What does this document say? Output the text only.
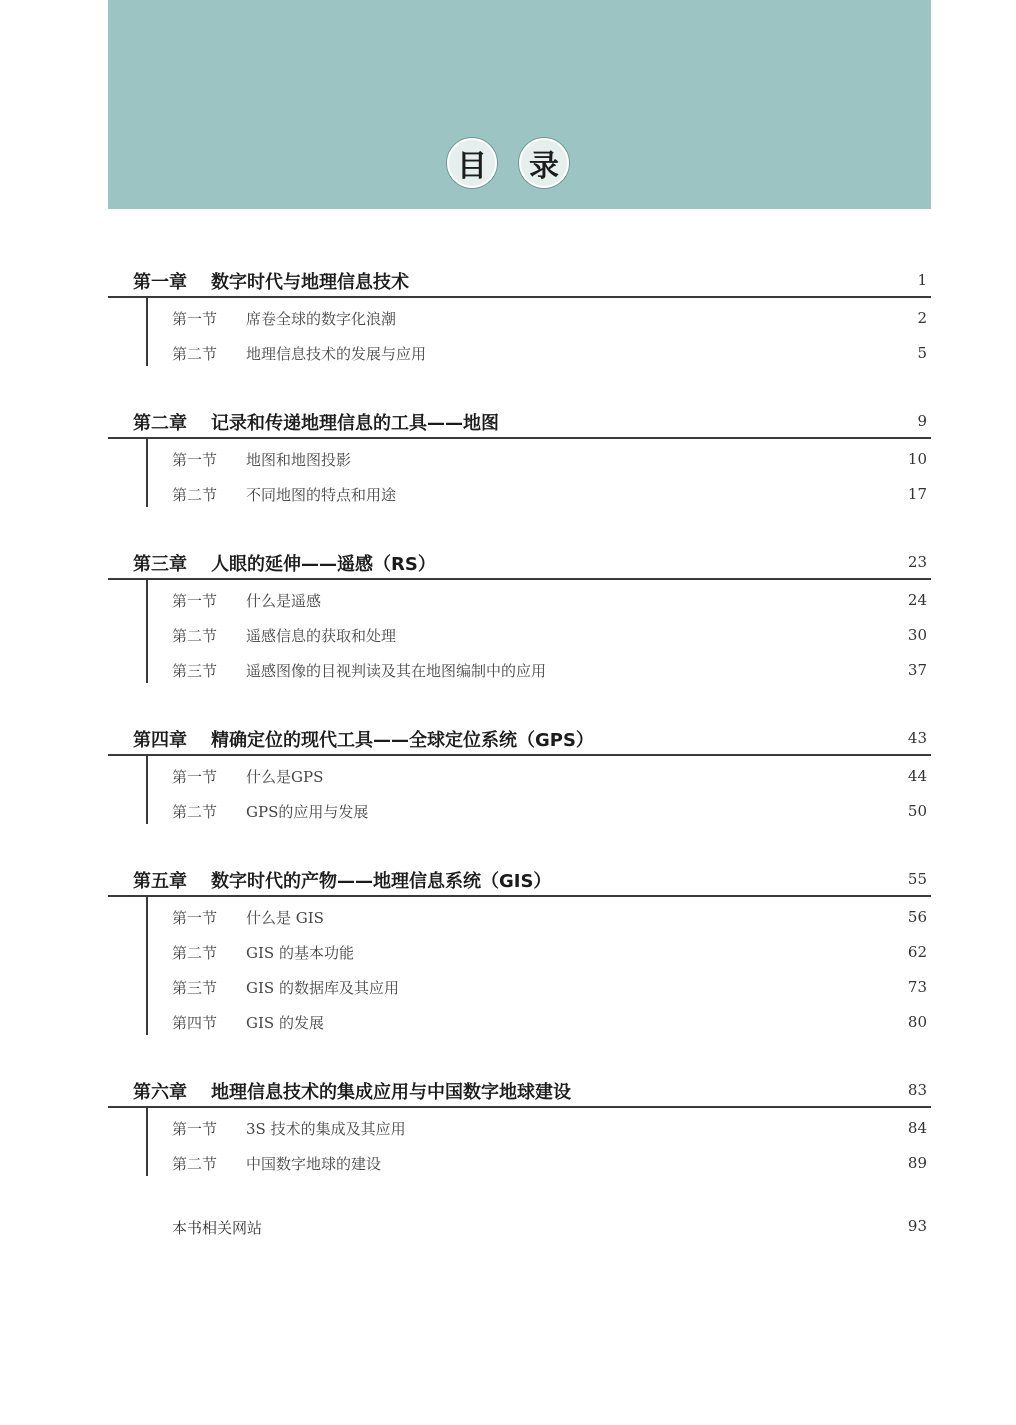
目	录
第一章 数字时代与地理信息技术	1
第一节 席卷全球的数字化浪潮	2
第二节 地理信息技术的发展与应用	5
第二章 记录和传递地理信息的工具——地图	9
第一节 地图和地图投影	10
第二节 不同地图的特点和用途	17
第三章 人眼的延伸——遥感（RS）	23
第一节 什么是遥感	24
第二节 遥感信息的获取和处理	30
第三节 遥感图像的目视判读及其在地图编制中的应用	37
第四章 精确定位的现代工具——全球定位系统（GPS）	43
第一节 什么是GPS	44
第二节 GPS的应用与发展	50
第五章 数字时代的产物——地理信息系统（GIS）	55
第一节 什么是 GIS	56
第二节 GIS 的基本功能	62
第三节 GIS 的数据库及其应用	73
第四节 GIS 的发展	80
第六章 地理信息技术的集成应用与中国数字地球建设	83
第一节 3S 技术的集成及其应用	84
第二节 中国数字地球的建设	89
本书相关网站	93
